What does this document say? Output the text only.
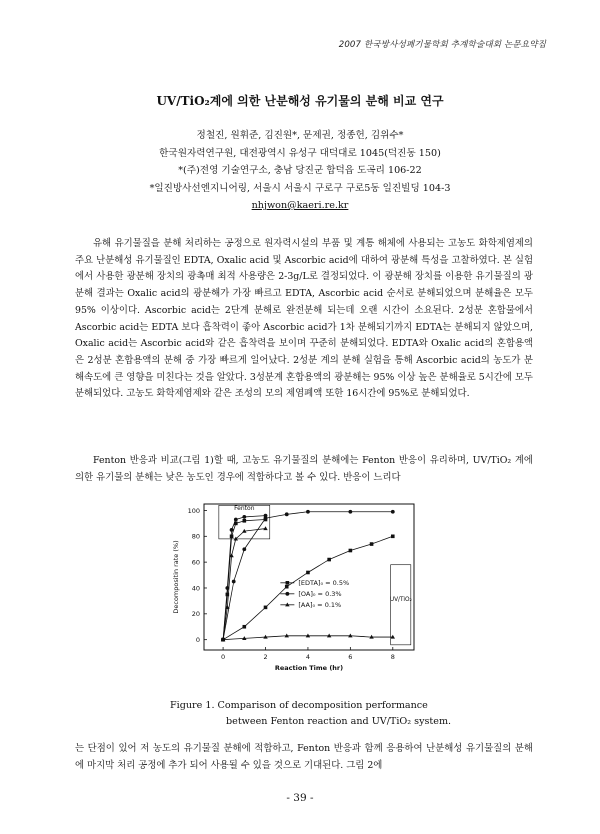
2007 한국방사성폐기물학회 추계학술대회 논문요약집
UV/TiO₂계에 의한 난분해성 유기물의 분해 비교 연구
정철진, 원휘준, 김진원*, 문제권, 정종헌, 김위수*
한국원자력연구원, 대전광역시 유성구 대덕대로 1045(덕진동 150)
*(주)전영 기술연구소, 충남 당진군 합덕읍 도곡리 106-22
*일진방사선엔지니어링, 서울시 서울시 구로구 구로5동 일진빌딩 104-3
nhjwon@kaeri.re.kr

유해 유기물질을 분해 처리하는 공정으로 원자력시설의 부품 및 계통 해체에 사용되는 고농도 화학제염제의 주요 난분해성 유기물질인 EDTA, Oxalic acid 및 Ascorbic acid에 대하여 광분해 특성을 고찰하였다. 본 실험에서 사용한 광분해 장치의 광촉매 최적 사용량은 2-3g/L로 결정되었다. 이 광분해 장치를 이용한 유기물질의 광분해 결과는 Oxalic acid의 광분해가 가장 빠르고 EDTA, Ascorbic acid 순서로 분해되었으며 분해율은 모두 95% 이상이다. Ascorbic acid는 2단계 분해로 완전분해 되는데 오랜 시간이 소요된다. 2성분 혼합물에서 Ascorbic acid는 EDTA 보다 흡착력이 좋아 Ascorbic acid가 1차 분해되기까지 EDTA는 분해되지 않았으며, Oxalic acid는 Ascorbic acid와 같은 흡착력을 보이며 꾸준히 분해되었다. EDTA와 Oxalic acid의 혼합용액은 2성분 혼합용액의 분해 중 가장 빠르게 일어났다. 2성분 계의 분해 실험을 통해 Ascorbic acid의 농도가 분해속도에 큰 영향을 미친다는 것을 알았다. 3성분계 혼합용액의 광분해는 95% 이상 높은 분해율로 5시간에 모두 분해되었다. 고농도 화학제염제와 같은 조성의 모의 제염폐액 또한 16시간에 95%로 분해되었다.

Fenton 반응과 비교(그림 1)할 때, 고농도 유기물질의 분해에는 Fenton 반응이 유리하며, UV/TiO₂ 계에 의한 유기물의 분해는 낮은 농도인 경우에 적합하다고 볼 수 있다. 반응이 느리다

0
20
40
60
80
100
0	2	4	6	8
Reaction Time (hr)
Decompositin rate (%)
Fenton
UV/TiO₂
[EDTA]₀ = 0.5%
[OA]₀ = 0.3%
[AA]₀ = 0.1%
Figure 1. Comparison of decomposition performance
between Fenton reaction and UV/TiO₂ system.

는 단점이 있어 저 농도의 유기물질 분해에 적합하고, Fenton 반응과 함께 응용하여 난분해성 유기물질의 분해에 마지막 처리 공정에 추가 되어 사용될 수 있을 것으로 기대된다. 그림 2에

- 39 -
